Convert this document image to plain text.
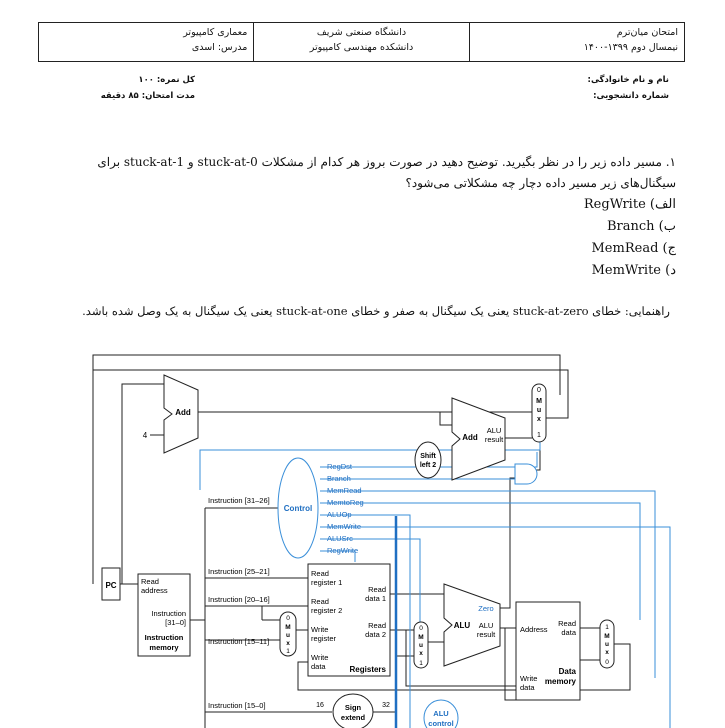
معماری کامپیوتر
مدرس: اسدی

دانشگاه صنعتی شریف
دانشکده مهندسی کامپیوتر

امتحان میان‌ترم
نیمسال دوم ۱۳۹۹-۱۴۰۰
نام و نام خانوادگی:
شماره دانشجویی:
کل نمره: ۱۰۰
مدت امتحان: ۸۵ دقیقه
۱. مسیر داده زیر را در نظر بگیرید. توضیح دهید در صورت بروز هر کدام از مشکلات stuck-at-0 و stuck-at-1 برای سیگنال‌های زیر مسیر داده دچار چه مشکلاتی می‌شود؟
الف) RegWrite
ب) Branch
ج) MemRead
د) MemWrite
راهنمایی: خطای stuck-at-zero یعنی یک سیگنال به صفر و خطای stuck-at-one یعنی یک سیگنال به یک وصل شده باشد.
PC
Add
4
Read
address
Instruction
[31–0]
Instruction
memory
Instruction [31–26]
Instruction [25–21]
Instruction [20–16]
Instruction [15–11]
Instruction [15–0]
Control
RegDst
Branch
MemRead
MemtoReg
ALUOp
MemWrite
ALUSrc
RegWrite
Shift
left 2
Add
ALU
result
0
M
u
x
1
0
M
u
x
1
Read
register 1
Read
register 2
Write
register
Write
data
Read
data 1
Read
data 2
Registers
0
M
u
x
1
ALU
Zero
ALU
result
Address
Read
data
Write
data
Data
memory
1
M
u
x
0
Sign
extend
16	32
ALU
control
